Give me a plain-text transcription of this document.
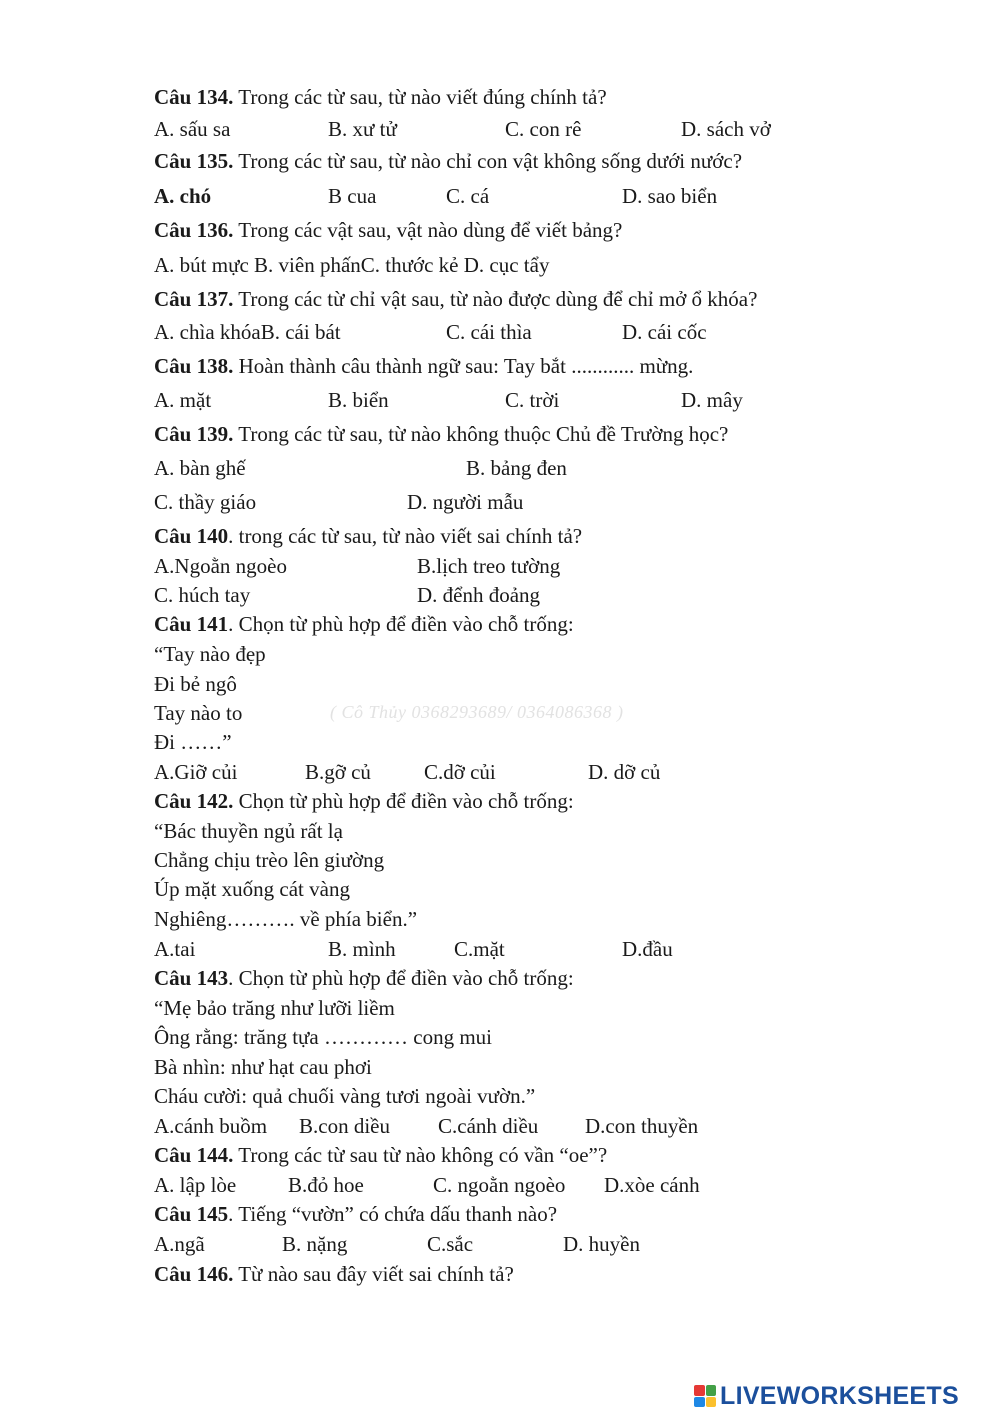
Câu 134. Trong các từ sau, từ nào viết đúng chính tả?
A. sấu sa	B. xư tử	C. con rê	D. sách vở
Câu 135. Trong các từ sau, từ nào chỉ con vật không sống dưới nước?
A. chó	B cua	C. cá	D. sao biển
Câu 136. Trong các vật sau, vật nào dùng để viết bảng?
A. bút mực B. viên phấnC. thước kẻ D. cục tẩy
Câu 137. Trong các từ chỉ vật sau, từ nào được dùng để chỉ mở ổ khóa?
A. chìa khóaB. cái bát	C. cái thìa	D. cái cốc
Câu 138. Hoàn thành câu thành ngữ sau: Tay bắt ............ mừng.
A. mặt	B. biển	C. trời	D. mây
Câu 139. Trong các từ sau, từ nào không thuộc Chủ đề Trường học?
A. bàn ghế	B. bảng đen
C. thầy giáo	D. người mẫu
Câu 140. trong các từ sau, từ nào viết sai chính tả?
A.Ngoằn ngoèo	B.lịch treo tường
C. húch tay	D. đểnh đoảng
Câu 141. Chọn từ phù hợp để điền vào chỗ trống:
“Tay nào đẹp
Đi bẻ ngô
Tay nào to
Đi ……”
A.Giỡ củi	B.gỡ củ	C.dỡ củi	D. dỡ củ
Câu 142. Chọn từ phù hợp để điền vào chỗ trống:
“Bác thuyền ngủ rất lạ
Chẳng chịu trèo lên giường
Úp mặt xuống cát vàng
Nghiêng………. về phía biển.”
A.tai	B. mình	C.mặt	D.đầu
Câu 143. Chọn từ phù hợp để điền vào chỗ trống:
“Mẹ bảo trăng như lưỡi liềm
Ông rằng: trăng tựa ………… cong mui
Bà nhìn: như hạt cau phơi
Cháu cười: quả chuối vàng tươi ngoài vườn.”
A.cánh buồm B.con diều C.cánh diều D.con thuyền
Câu 144. Trong các từ sau từ nào không có vần “oe”?
A. lập lòe B.đỏ hoe	C. ngoằn ngoèo D.xòe cánh
Câu 145. Tiếng “vườn” có chứa dấu thanh nào?
A.ngã	B. nặng	C.sắc	D. huyền
Câu 146. Từ nào sau đây viết sai chính tả?
( Cô Thủy 0368293689/ 0364086368 )
LIVEWORKSHEETS
